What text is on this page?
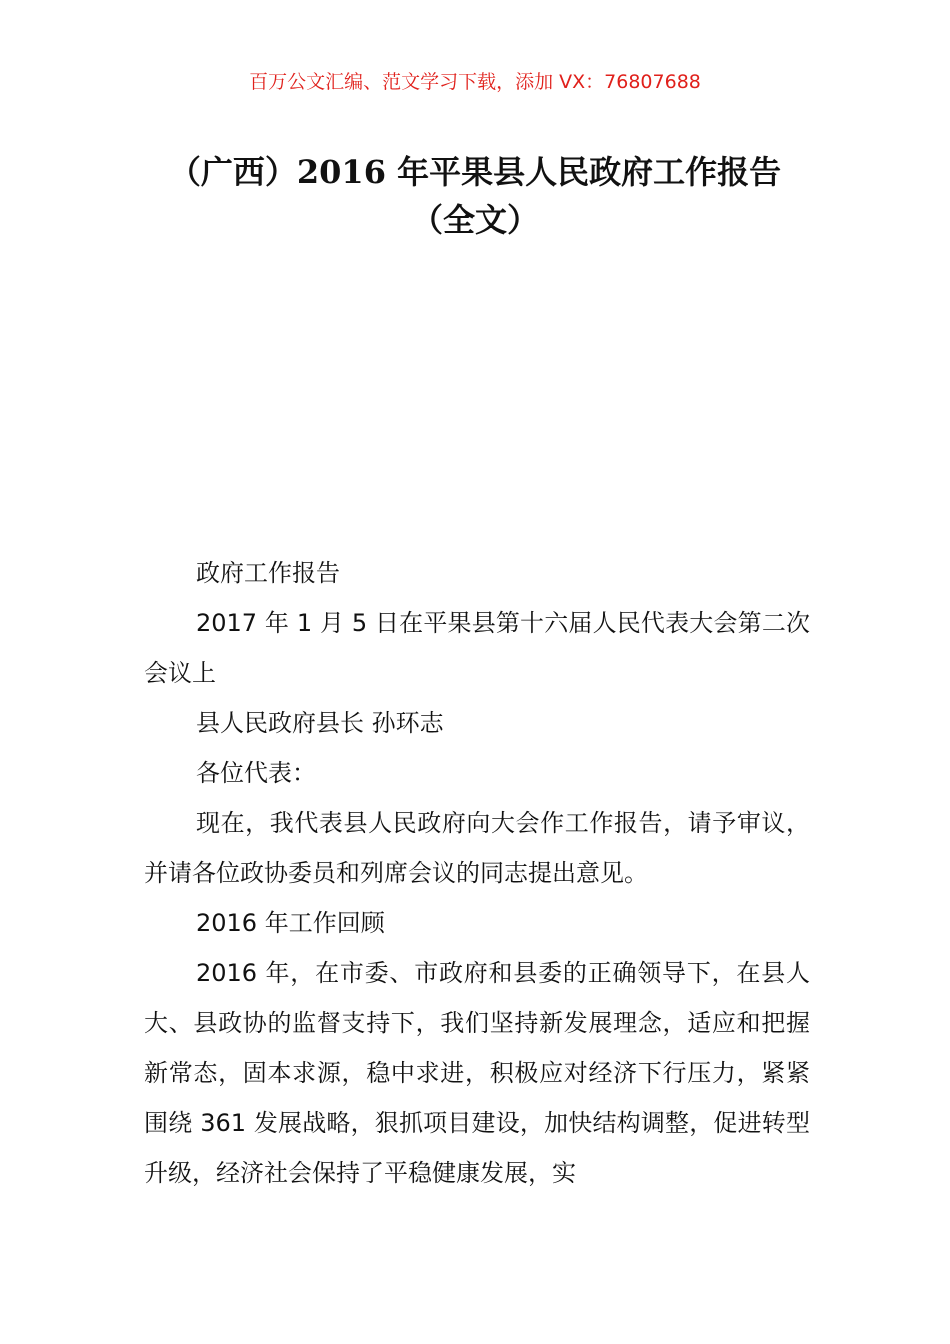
百万公文汇编、范文学习下载，添加 VX：76807688
（广西）2016 年平果县人民政府工作报告
（全文）

政府工作报告

2017 年 1 月 5 日在平果县第十六届人民代表大会第二次会议上

县人民政府县长 孙环志

各位代表：

现在，我代表县人民政府向大会作工作报告，请予审议，并请各位政协委员和列席会议的同志提出意见。

2016 年工作回顾

2016 年，在市委、市政府和县委的正确领导下，在县人大、县政协的监督支持下，我们坚持新发展理念，适应和把握新常态，固本求源，稳中求进，积极应对经济下行压力，紧紧围绕 361 发展战略，狠抓项目建设，加快结构调整，促进转型升级，经济社会保持了平稳健康发展，实
